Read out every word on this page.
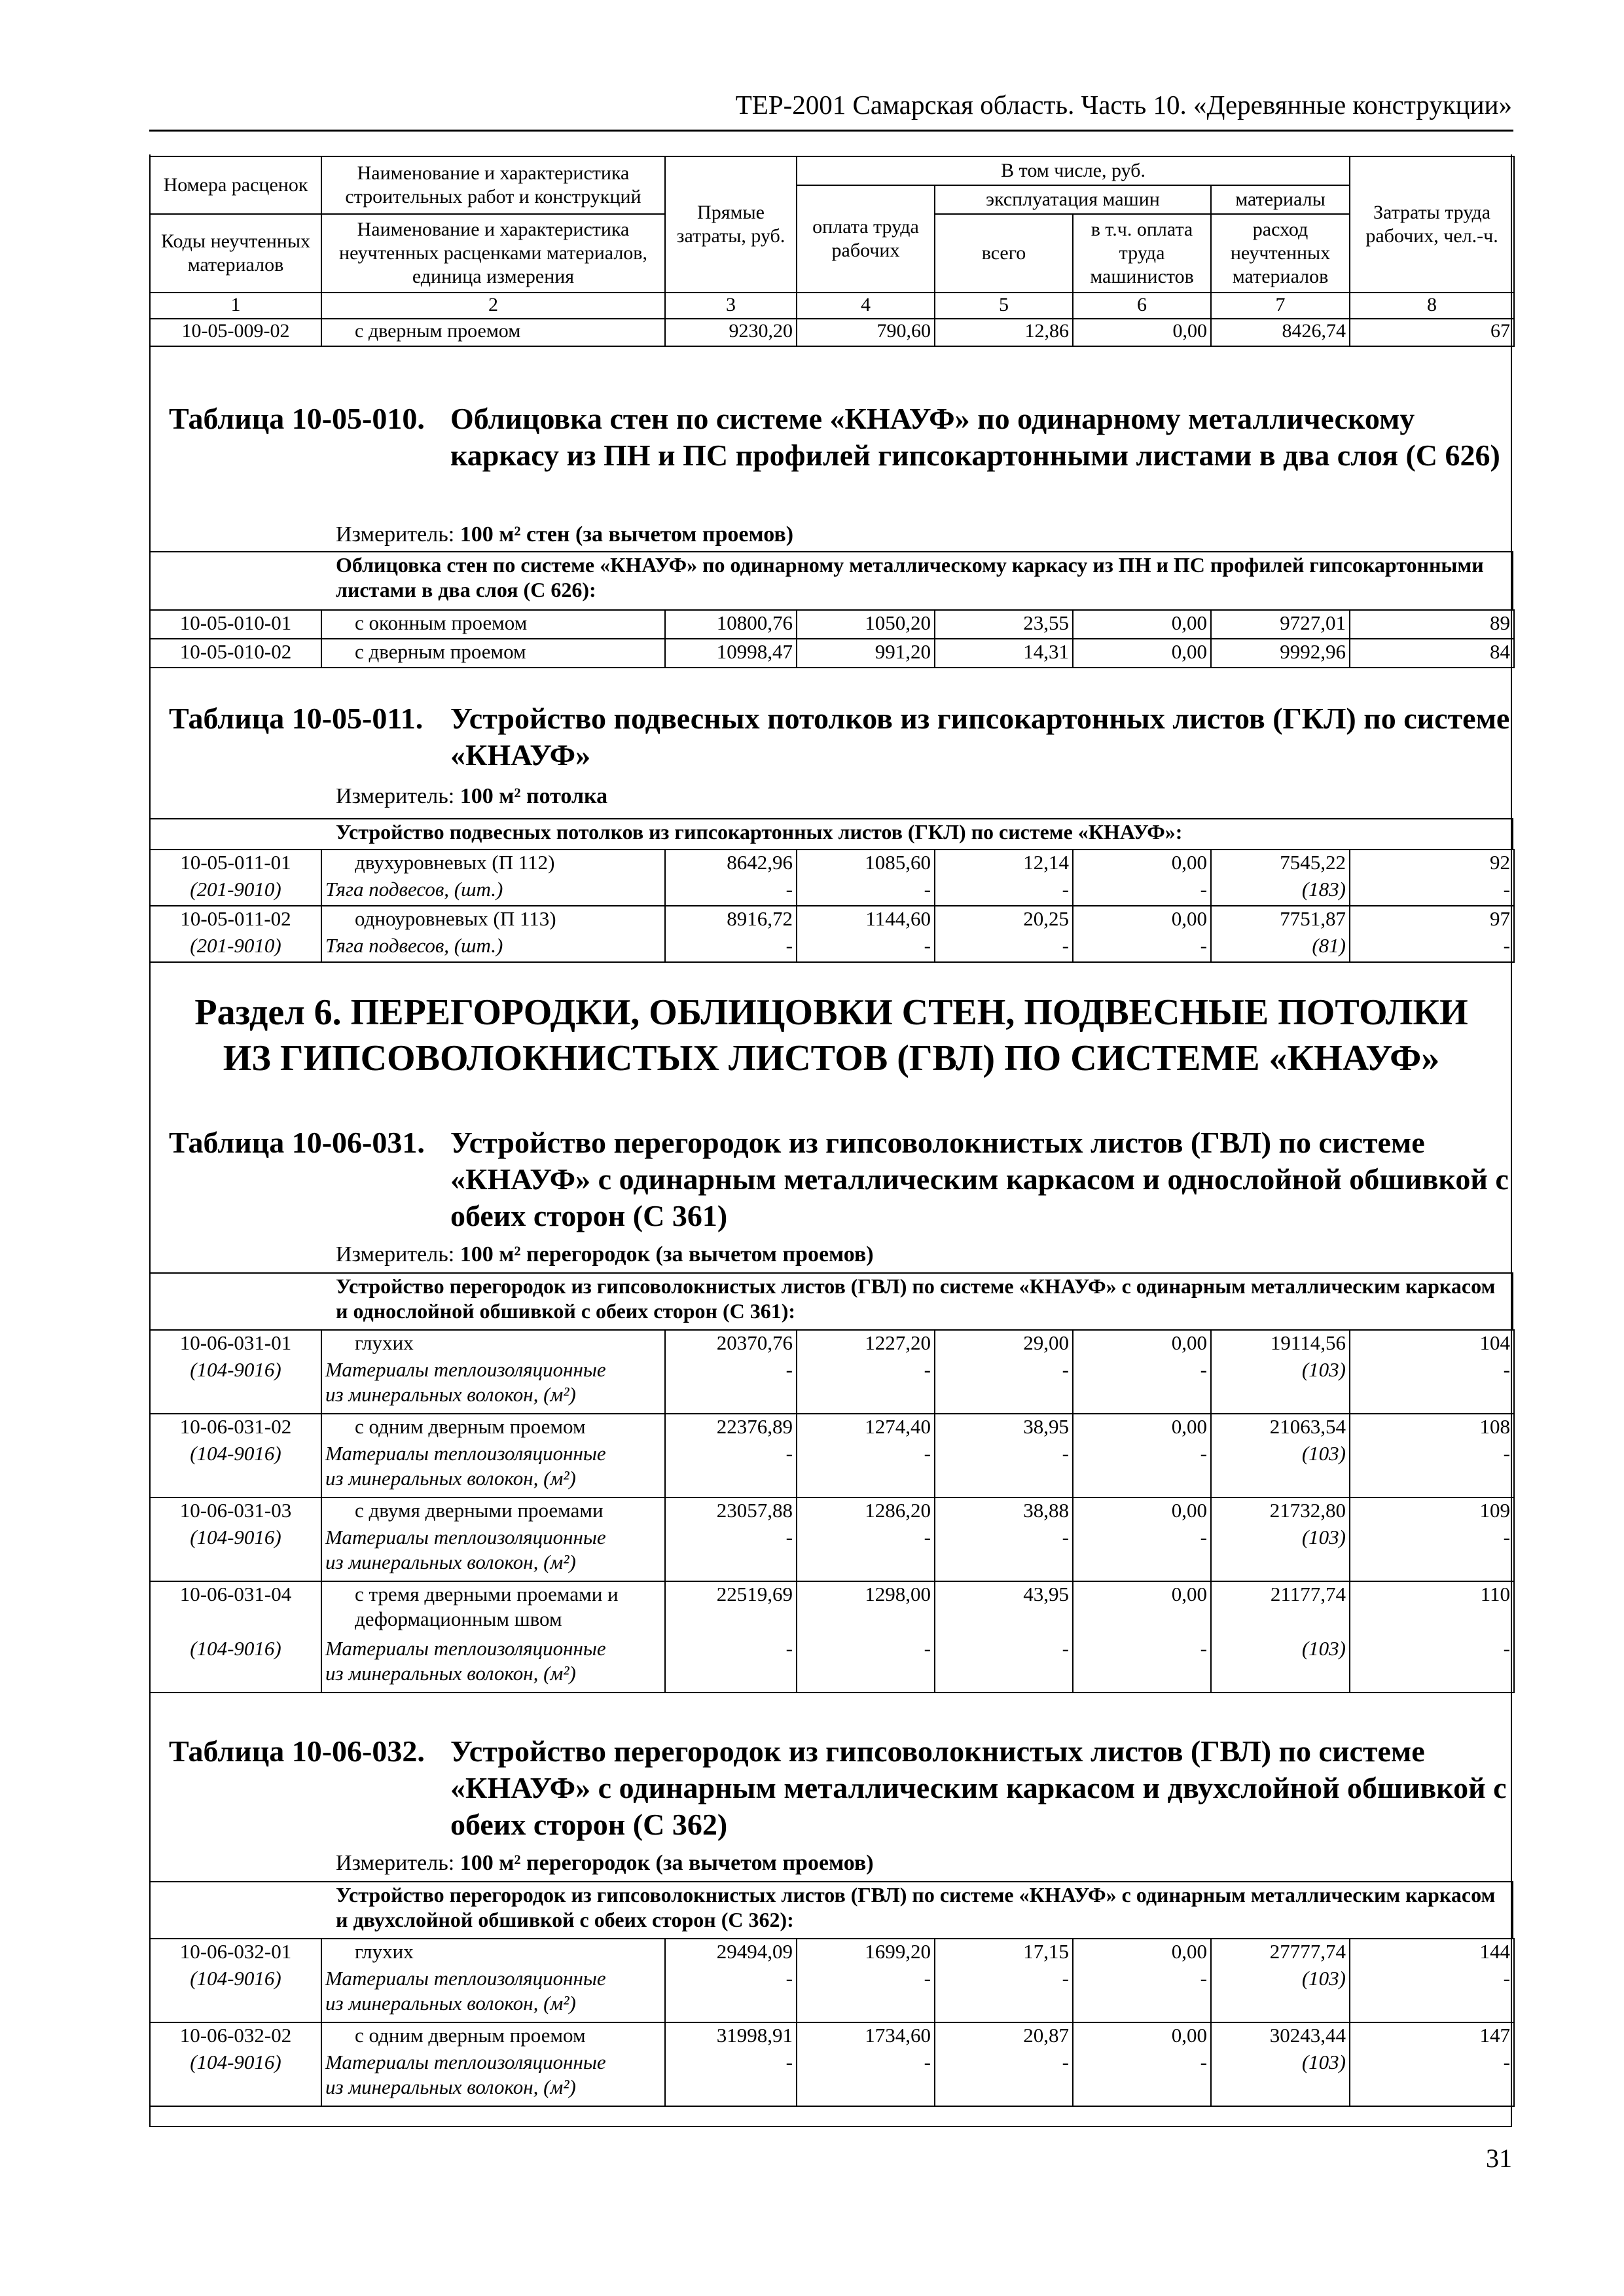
ТЕР-2001 Самарская область. Часть 10. «Деревянные конструкции»
Номера расценок	Наименование и характеристика строительных работ и конструкций	Прямые затраты, руб.	В том числе, руб.				Затраты труда рабочих, чел.-ч.
			оплата труда рабочих	эксплуатация машин		материалы	
Коды неучтенных материалов	Наименование и характеристика неучтенных расценками материалов, единица измерения			всего	в т.ч. оплата труда машинистов	расход неучтенных материалов	

1	2	3	4	5	6	7	8
10-05-009-02	с дверным проемом	9230,20	790,60	12,86	0,00	8426,74	67
Таблица 10-05-010. Облицовка стен по системе «КНАУФ» по одинарному металлическому каркасу из ПН и ПС профилей гипсокартонными листами в два слоя (С 626)
Измеритель: 100 м² стен (за вычетом проемов)
Облицовка стен по системе «КНАУФ» по одинарному металлическому каркасу из ПН и ПС профилей гипсокартонными листами в два слоя (С 626):
10-05-010-01	с оконным проемом	10800,76	1050,20	23,55	0,00	9727,01	89
10-05-010-02	с дверным проемом	10998,47	991,20	14,31	0,00	9992,96	84
Таблица 10-05-011. Устройство подвесных потолков из гипсокартонных листов (ГКЛ) по системе «КНАУФ»
Измеритель: 100 м² потолка
Устройство подвесных потолков из гипсокартонных листов (ГКЛ) по системе «КНАУФ»:
10-05-011-01	двухуровневых (П 112)	8642,96	1085,60	12,14	0,00	7545,22	92
(201-9010)	Тяга подвесов, (шт.)	-	-	-	-	(183)	-
10-05-011-02	одноуровневых (П 113)	8916,72	1144,60	20,25	0,00	7751,87	97
(201-9010)	Тяга подвесов, (шт.)	-	-	-	-	(81)	-
Раздел 6. ПЕРЕГОРОДКИ, ОБЛИЦОВКИ СТЕН, ПОДВЕСНЫЕ ПОТОЛКИ
ИЗ ГИПСОВОЛОКНИСТЫХ ЛИСТОВ (ГВЛ) ПО СИСТЕМЕ «КНАУФ»
Таблица 10-06-031. Устройство перегородок из гипсоволокнистых листов (ГВЛ) по системе «КНАУФ» с одинарным металлическим каркасом и однослойной обшивкой с обеих сторон (С 361)
Измеритель: 100 м² перегородок (за вычетом проемов)
Устройство перегородок из гипсоволокнистых листов (ГВЛ) по системе «КНАУФ» с одинарным металлическим каркасом и однослойной обшивкой с обеих сторон (С 361):
10-06-031-01	глухих	20370,76	1227,20	29,00	0,00	19114,56	104
(104-9016)	Материалы теплоизоляционные
из минеральных волокон, (м²)	-	-	-	-	(103)	-
10-06-031-02	с одним дверным проемом	22376,89	1274,40	38,95	0,00	21063,54	108
(104-9016)	Материалы теплоизоляционные
из минеральных волокон, (м²)	-	-	-	-	(103)	-
10-06-031-03	с двумя дверными проемами	23057,88	1286,20	38,88	0,00	21732,80	109
(104-9016)	Материалы теплоизоляционные
из минеральных волокон, (м²)	-	-	-	-	(103)	-
10-06-031-04	с тремя дверными проемами и деформационным швом	22519,69	1298,00	43,95	0,00	21177,74	110
(104-9016)	Материалы теплоизоляционные
из минеральных волокон, (м²)	-	-	-	-	(103)	-
Таблица 10-06-032. Устройство перегородок из гипсоволокнистых листов (ГВЛ) по системе «КНАУФ» с одинарным металлическим каркасом и двухслойной обшивкой с обеих сторон (С 362)
Измеритель: 100 м² перегородок (за вычетом проемов)
Устройство перегородок из гипсоволокнистых листов (ГВЛ) по системе «КНАУФ» с одинарным металлическим каркасом и двухслойной обшивкой с обеих сторон (С 362):
10-06-032-01	глухих	29494,09	1699,20	17,15	0,00	27777,74	144
(104-9016)	Материалы теплоизоляционные
из минеральных волокон, (м²)	-	-	-	-	(103)	-
10-06-032-02	с одним дверным проемом	31998,91	1734,60	20,87	0,00	30243,44	147
(104-9016)	Материалы теплоизоляционные
из минеральных волокон, (м²)	-	-	-	-	(103)	-
31
